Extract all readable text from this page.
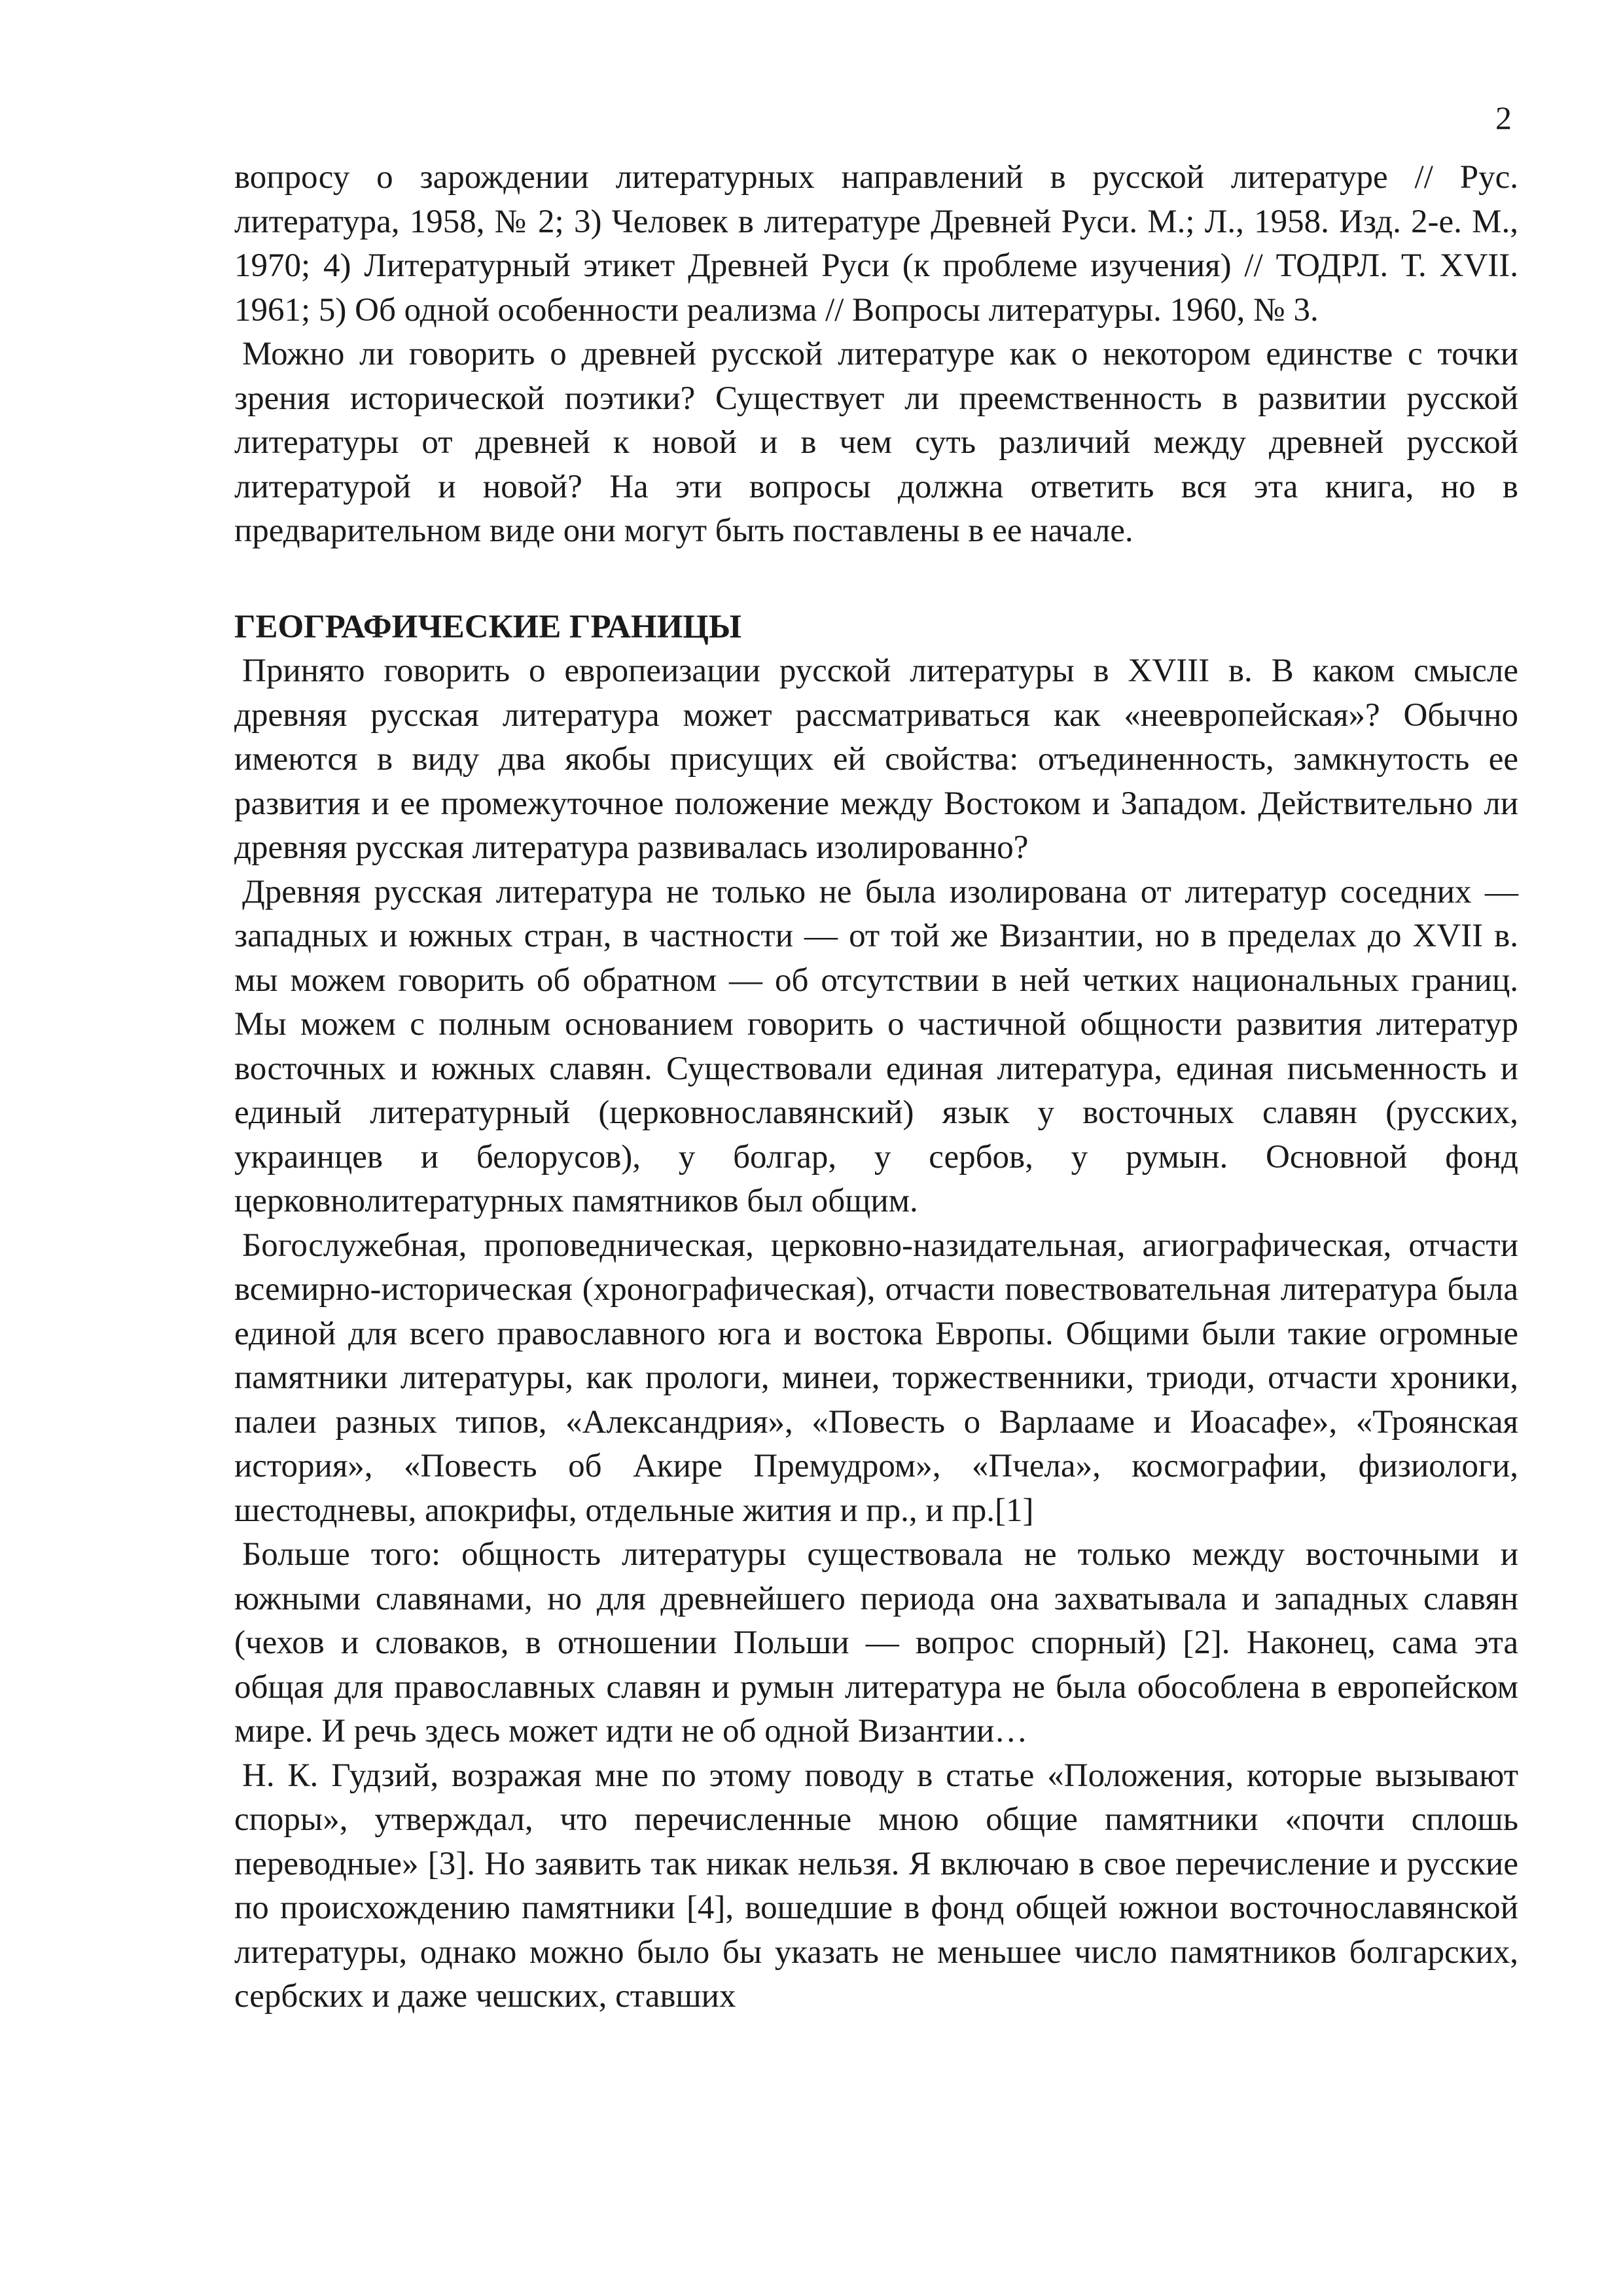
2

вопросу о зарождении литературных направлений в русской литературе // Рус. литература, 1958, № 2; 3) Человек в литературе Древней Руси. М.; Л., 1958. Изд. 2-е. М., 1970; 4) Литературный этикет Древней Руси (к проблеме изучения) // ТОДРЛ. Т. XVII. 1961; 5) Об одной особенности реализма // Вопросы литературы. 1960, № 3.

Можно ли говорить о древней русской литературе как о некотором единстве с точки зрения исторической поэтики? Существует ли преемственность в развитии русской литературы от древней к новой и в чем суть различий между древней русской литературой и новой? На эти вопросы должна ответить вся эта книга, но в предварительном виде они могут быть поставлены в ее начале.

ГЕОГРАФИЧЕСКИЕ ГРАНИЦЫ

Принято говорить о европеизации русской литературы в XVIII в. В каком смысле древняя русская литература может рассматриваться как «неевропейская»? Обычно имеются в виду два якобы присущих ей свойства: отъединенность, замкнутость ее развития и ее промежуточное положение между Востоком и Западом. Действительно ли древняя русская литература развивалась изолированно?

Древняя русская литература не только не была изолирована от литератур соседних — западных и южных стран, в частности — от той же Византии, но в пределах до XVII в. мы можем говорить об обратном — об отсутствии в ней четких национальных границ. Мы можем с полным основанием говорить о частичной общности развития литератур восточных и южных славян. Существовали единая литература, единая письменность и единый литературный (церковнославянский) язык у восточных славян (русских, украинцев и белорусов), у болгар, у сербов, у румын. Основной фонд церковнолитературных памятников был общим.

Богослужебная, проповедническая, церковно-назидательная, агиографическая, отчасти всемирно-историческая (хронографическая), отчасти повествовательная литература была единой для всего православного юга и востока Европы. Общими были такие огромные памятники литературы, как прологи, минеи, торжественники, триоди, отчасти хроники, палеи разных типов, «Александрия», «Повесть о Варлааме и Иоасафе», «Троянская история», «Повесть об Акире Премудром», «Пчела», космографии, физиологи, шестодневы, апокрифы, отдельные жития и пр., и пр.[1]

Больше того: общность литературы существовала не только между восточными и южными славянами, но для древнейшего периода она захватывала и западных славян (чехов и словаков, в отношении Польши — вопрос спорный) [2]. Наконец, сама эта общая для православных славян и румын литература не была обособлена в европейском мире. И речь здесь может идти не об одной Византии…

Н. К. Гудзий, возражая мне по этому поводу в статье «Положения, которые вызывают споры», утверждал, что перечисленные мною общие памятники «почти сплошь переводные» [3]. Но заявить так никак нельзя. Я включаю в свое перечисление и русские по происхождению памятники [4], вошедшие в фонд общей южнои восточнославянской литературы, однако можно было бы указать не меньшее число памятников болгарских, сербских и даже чешских, ставших
